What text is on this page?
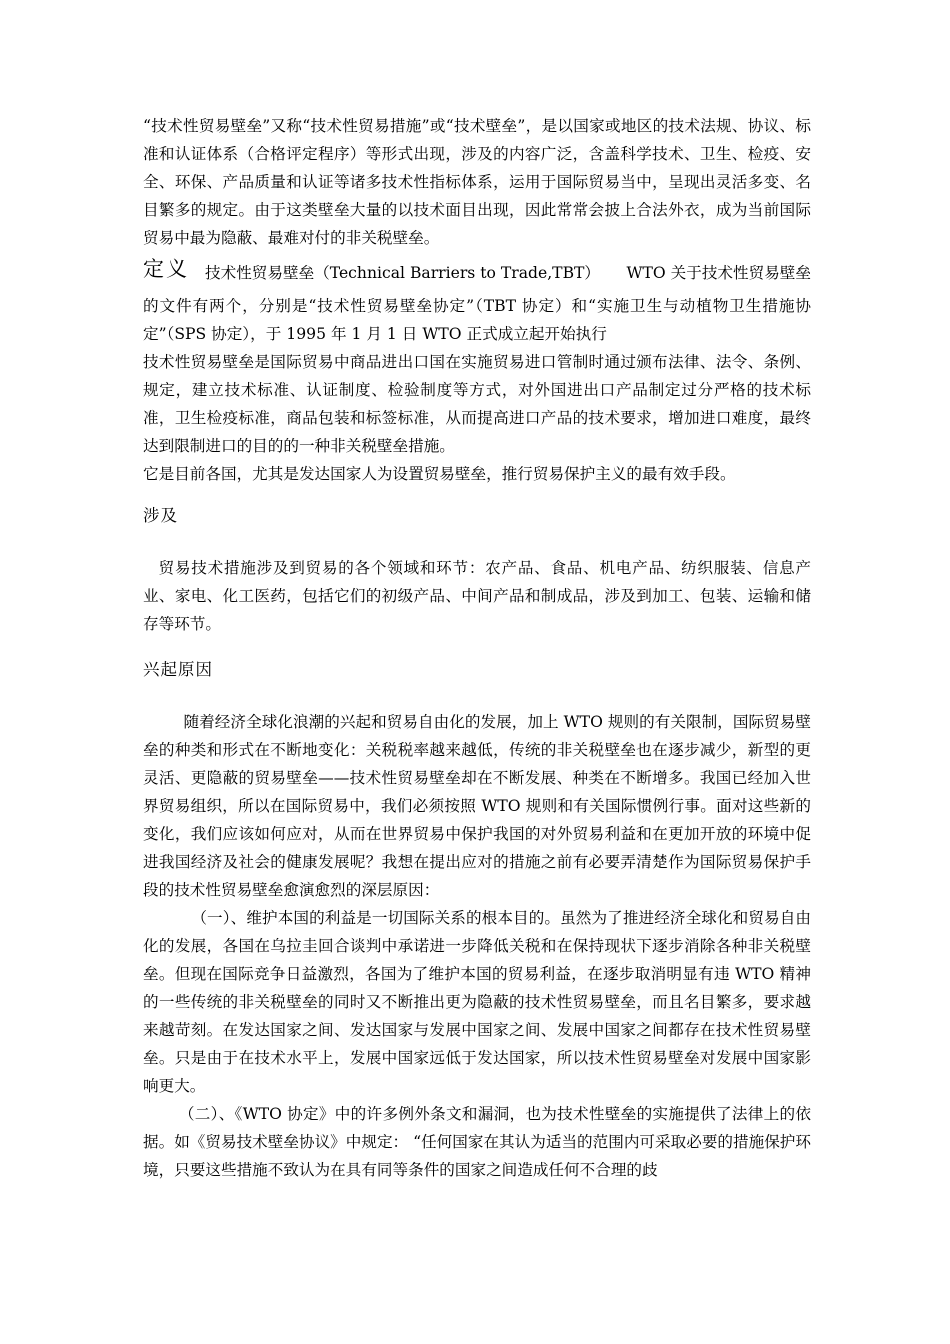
“技术性贸易壁垒”又称“技术性贸易措施”或“技术壁垒”，是以国家或地区的技术法规、协议、标准和认证体系（合格评定程序）等形式出现，涉及的内容广泛，含盖科学技术、卫生、检疫、安全、环保、产品质量和认证等诸多技术性指标体系，运用于国际贸易当中，呈现出灵活多变、名目繁多的规定。由于这类壁垒大量的以技术面目出现，因此常常会披上合法外衣，成为当前国际贸易中最为隐蔽、最难对付的非关税壁垒。

定义 技术性贸易壁垒（Technical Barriers to Trade,TBT） WTO 关于技术性贸易壁垒

的文件有两个，分别是“技术性贸易壁垒协定”（TBT 协定）和“实施卫生与动植物卫生措施协定”（SPS 协定），于 1995 年 1 月 1 日 WTO 正式成立起开始执行

技术性贸易壁垒是国际贸易中商品进出口国在实施贸易进口管制时通过颁布法律、法令、条例、规定，建立技术标准、认证制度、检验制度等方式，对外国进出口产品制定过分严格的技术标准，卫生检疫标准，商品包装和标签标准，从而提高进口产品的技术要求，增加进口难度，最终达到限制进口的目的的一种非关税壁垒措施。

它是目前各国，尤其是发达国家人为设置贸易壁垒，推行贸易保护主义的最有效手段。

涉及

贸易技术措施涉及到贸易的各个领域和环节：农产品、食品、机电产品、纺织服装、信息产业、家电、化工医药，包括它们的初级产品、中间产品和制成品，涉及到加工、包装、运输和储存等环节。

兴起原因

随着经济全球化浪潮的兴起和贸易自由化的发展，加上 WTO 规则的有关限制，国际贸易壁垒的种类和形式在不断地变化：关税税率越来越低，传统的非关税壁垒也在逐步减少，新型的更灵活、更隐蔽的贸易壁垒——技术性贸易壁垒却在不断发展、种类在不断增多。我国已经加入世界贸易组织，所以在国际贸易中，我们必须按照 WTO 规则和有关国际惯例行事。面对这些新的变化，我们应该如何应对，从而在世界贸易中保护我国的对外贸易利益和在更加开放的环境中促进我国经济及社会的健康发展呢？我想在提出应对的措施之前有必要弄清楚作为国际贸易保护手段的技术性贸易壁垒愈演愈烈的深层原因：

（一）、维护本国的利益是一切国际关系的根本目的。虽然为了推进经济全球化和贸易自由化的发展，各国在乌拉圭回合谈判中承诺进一步降低关税和在保持现状下逐步消除各种非关税壁垒。但现在国际竞争日益激烈，各国为了维护本国的贸易利益，在逐步取消明显有违 WTO 精神的一些传统的非关税壁垒的同时又不断推出更为隐蔽的技术性贸易壁垒，而且名目繁多，要求越来越苛刻。在发达国家之间、发达国家与发展中国家之间、发展中国家之间都存在技术性贸易壁垒。只是由于在技术水平上，发展中国家远低于发达国家，所以技术性贸易壁垒对发展中国家影响更大。

（二）、《WTO 协定》中的许多例外条文和漏洞，也为技术性壁垒的实施提供了法律上的依据。如《贸易技术壁垒协议》中规定： “任何国家在其认为适当的范围内可采取必要的措施保护环境，只要这些措施不致认为在具有同等条件的国家之间造成任何不合理的歧
